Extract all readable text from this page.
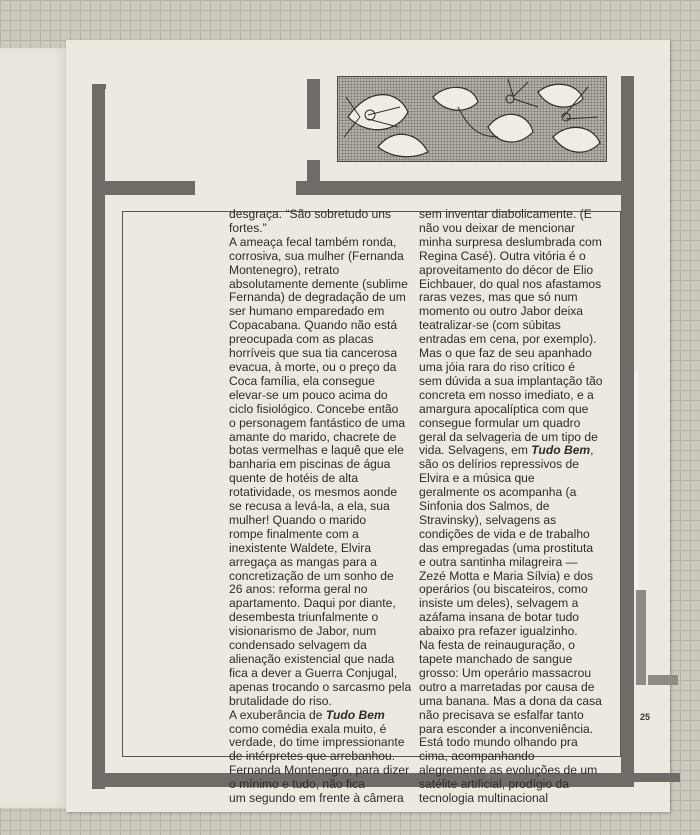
desgraça. “São sobretudo uns
fortes.”
A ameaça fecal também ronda,
corrosiva, sua mulher (Fernanda
Montenegro), retrato
absolutamente demente (sublime
Fernanda) de degradação de um
ser humano emparedado em
Copacabana. Quando não está
preocupada com as placas
horríveis que sua tia cancerosa
evacua, à morte, ou o preço da
Coca família, ela consegue
elevar-se um pouco acima do
ciclo fisiológico. Concebe então
o personagem fantástico de uma
amante do marido, chacrete de
botas vermelhas e laquê que ele
banharia em piscinas de água
quente de hotéis de alta
rotatividade, os mesmos aonde
se recusa a levá-la, a ela, sua
mulher! Quando o marido
rompe finalmente com a
inexistente Waldete, Elvira
arregaça as mangas para a
concretização de um sonho de
26 anos: reforma geral no
apartamento. Daqui por diante,
desembesta triunfalmente o
visionarismo de Jabor, num
condensado selvagem da
alienação existencial que nada
fica a dever a Guerra Conjugal,
apenas trocando o sarcasmo pela
brutalidade do riso.
A exuberância de Tudo Bem
como comédia exala muito, é
verdade, do time impressionante
de intérpretes que arrebanhou.
Fernanda Montenegro, para dizer
o mínimo e tudo, não fica
um segundo em frente à câmera
sem inventar diabolicamente. (E
não vou deixar de mencionar
minha surpresa deslumbrada com
Regina Casé). Outra vitória é o
aproveitamento do décor de Elio
Eichbauer, do qual nos afastamos
raras vezes, mas que só num
momento ou outro Jabor deixa
teatralizar-se (com súbitas
entradas em cena, por exemplo).
Mas o que faz de seu apanhado
uma jóia rara do riso crítico é
sem dúvida a sua implantação tão
concreta em nosso imediato, e a
amargura apocalíptica com que
consegue formular um quadro
geral da selvageria de um tipo de
vida. Selvagens, em Tudo Bem,
são os delírios repressivos de
Elvira e a música que
geralmente os acompanha (a
Sinfonia dos Salmos, de
Stravinsky), selvagens as
condições de vida e de trabalho
das empregadas (uma prostituta
e outra santinha milagreira —
Zezé Motta e Maria Sílvia) e dos
operários (ou biscateiros, como
insiste um deles), selvagem a
azáfama insana de botar tudo
abaixo pra refazer igualzinho.
Na festa de reinauguração, o
tapete manchado de sangue
grosso: Um operário massacrou
outro a marretadas por causa de
uma banana. Mas a dona da casa
não precisava se esfalfar tanto
para esconder a inconveniência.
Está todo mundo olhando pra
cima, acompanhando
alegremente as evoluções de um
satélite artificial, prodígio da
tecnologia multinacional
25
